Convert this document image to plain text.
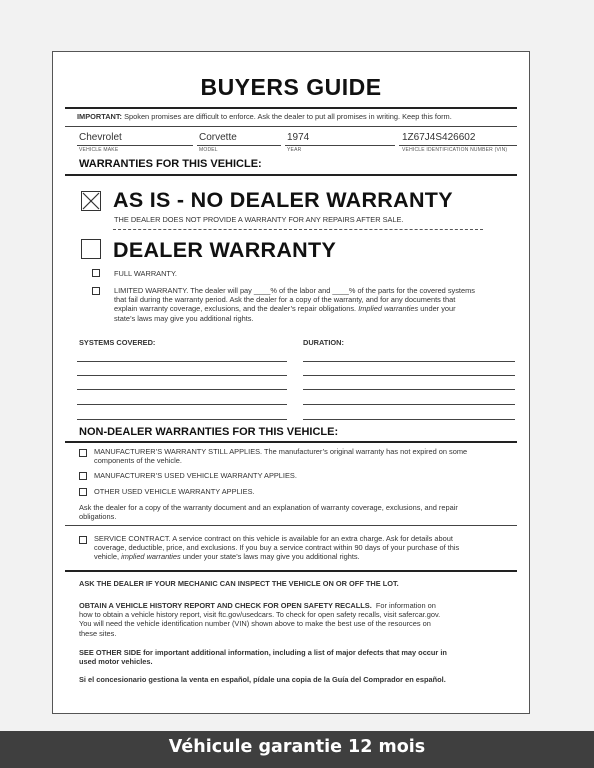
BUYERS GUIDE
IMPORTANT: Spoken promises are difficult to enforce. Ask the dealer to put all promises in writing. Keep this form.
Chevrolet	Corvette	1974	1Z67J4S426602
VEHICLE MAKE	MODEL	YEAR	VEHICLE IDENTIFICATION NUMBER (VIN)
WARRANTIES FOR THIS VEHICLE:
AS IS - NO DEALER WARRANTY
THE DEALER DOES NOT PROVIDE A WARRANTY FOR ANY REPAIRS AFTER SALE.
DEALER WARRANTY
FULL WARRANTY.
LIMITED WARRANTY. The dealer will pay ____% of the labor and ____% of the parts for the covered systems
that fail during the warranty period. Ask the dealer for a copy of the warranty, and for any documents that
explain warranty coverage, exclusions, and the dealer’s repair obligations. Implied warranties under your
state’s laws may give you additional rights.
SYSTEMS COVERED:	DURATION:
NON-DEALER WARRANTIES FOR THIS VEHICLE:
MANUFACTURER’S WARRANTY STILL APPLIES. The manufacturer’s original warranty has not expired on some
components of the vehicle.
MANUFACTURER’S USED VEHICLE WARRANTY APPLIES.
OTHER USED VEHICLE WARRANTY APPLIES.
Ask the dealer for a copy of the warranty document and an explanation of warranty coverage, exclusions, and repair
obligations.
SERVICE CONTRACT. A service contract on this vehicle is available for an extra charge. Ask for details about
coverage, deductible, price, and exclusions. If you buy a service contract within 90 days of your purchase of this
vehicle, implied warranties under your state’s laws may give you additional rights.
ASK THE DEALER IF YOUR MECHANIC CAN INSPECT THE VEHICLE ON OR OFF THE LOT.
OBTAIN A VEHICLE HISTORY REPORT AND CHECK FOR OPEN SAFETY RECALLS. For information on
how to obtain a vehicle history report, visit ftc.gov/usedcars. To check for open safety recalls, visit safercar.gov.
You will need the vehicle identification number (VIN) shown above to make the best use of the resources on
these sites.
SEE OTHER SIDE for important additional information, including a list of major defects that may occur in
used motor vehicles.
Si el concesionario gestiona la venta en español, pídale una copia de la Guía del Comprador en español.
Véhicule garantie 12 mois
